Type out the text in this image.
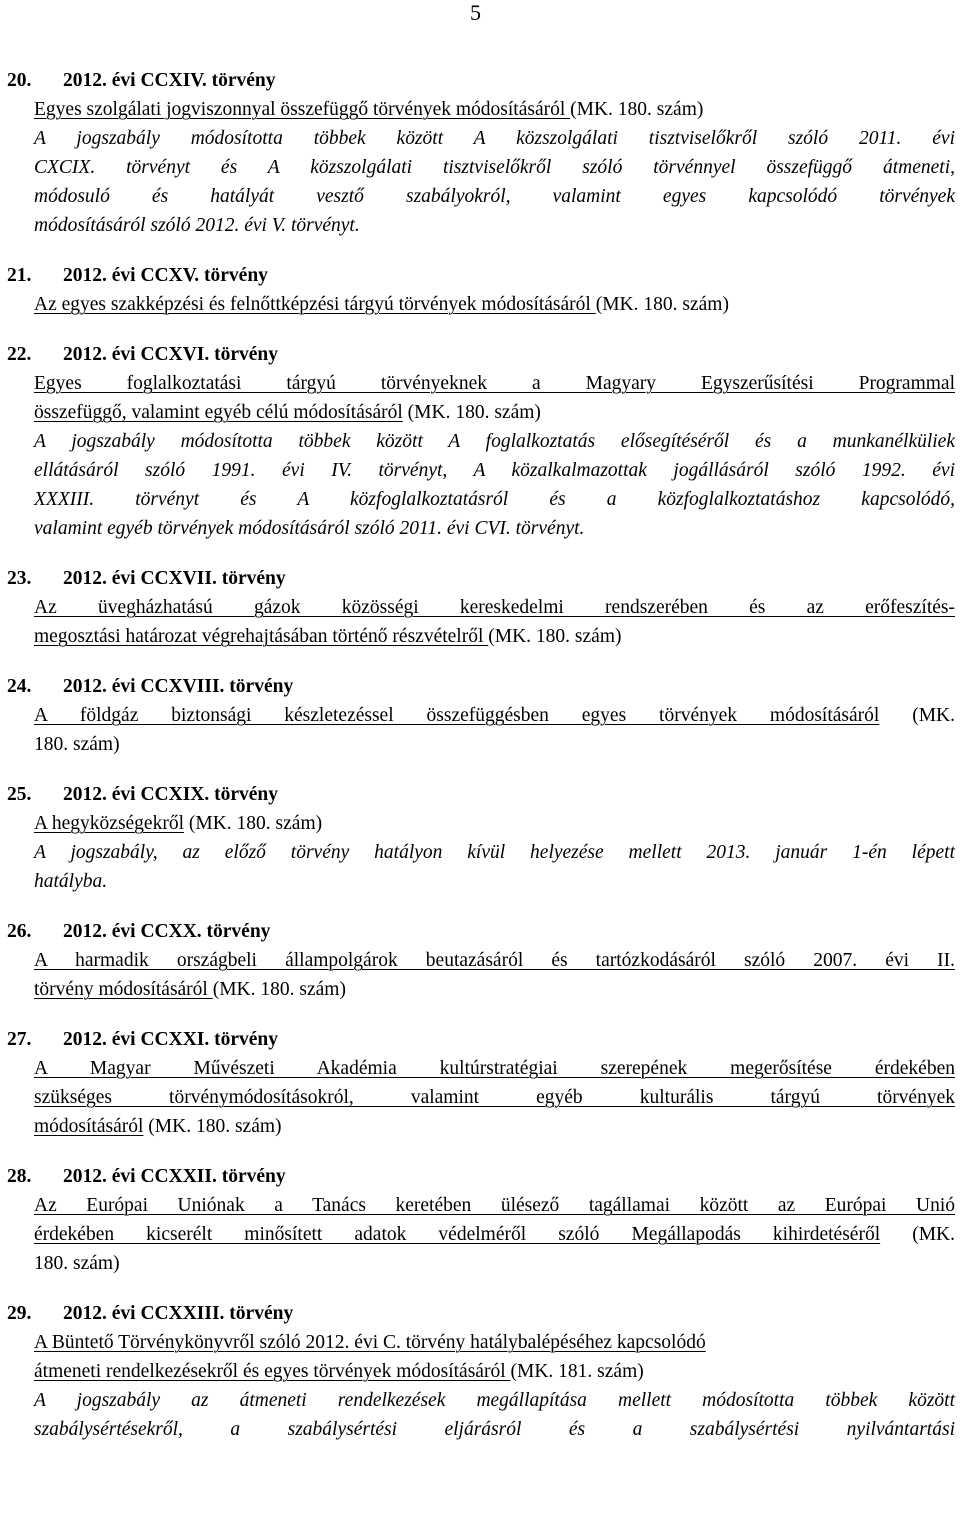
5
20. 2012. évi CCXIV. törvény
Egyes szolgálati jogviszonnyal összefüggő törvények módosításáról (MK. 180. szám)
A jogszabály módosította többek között A közszolgálati tisztviselőkről szóló 2011. évi
CXCIX. törvényt és A közszolgálati tisztviselőkről szóló törvénnyel összefüggő átmeneti,
módosuló és hatályát vesztő szabályokról, valamint egyes kapcsolódó törvények
módosításáról szóló 2012. évi V. törvényt.
21. 2012. évi CCXV. törvény
Az egyes szakképzési és felnőttképzési tárgyú törvények módosításáról (MK. 180. szám)
22. 2012. évi CCXVI. törvény
Egyes foglalkoztatási tárgyú törvényeknek a Magyary Egyszerűsítési Programmal
összefüggő, valamint egyéb célú módosításáról (MK. 180. szám)
A jogszabály módosította többek között A foglalkoztatás elősegítéséről és a munkanélküliek
ellátásáról szóló 1991. évi IV. törvényt, A közalkalmazottak jogállásáról szóló 1992. évi
XXXIII. törvényt és A közfoglalkoztatásról és a közfoglalkoztatáshoz kapcsolódó,
valamint egyéb törvények módosításáról szóló 2011. évi CVI. törvényt.
23. 2012. évi CCXVII. törvény
Az üvegházhatású gázok közösségi kereskedelmi rendszerében és az erőfeszítés-
megosztási határozat végrehajtásában történő részvételről (MK. 180. szám)
24. 2012. évi CCXVIII. törvény
A földgáz biztonsági készletezéssel összefüggésben egyes törvények módosításáról (MK.
180. szám)
25. 2012. évi CCXIX. törvény
A hegyközségekről (MK. 180. szám)
A jogszabály, az előző törvény hatályon kívül helyezése mellett 2013. január 1-én lépett
hatályba.
26. 2012. évi CCXX. törvény
A harmadik országbeli állampolgárok beutazásáról és tartózkodásáról szóló 2007. évi II.
törvény módosításáról (MK. 180. szám)
27. 2012. évi CCXXI. törvény
A Magyar Művészeti Akadémia kultúrstratégiai szerepének megerősítése érdekében
szükséges törvénymódosításokról, valamint egyéb kulturális tárgyú törvények
módosításáról (MK. 180. szám)
28. 2012. évi CCXXII. törvény
Az Európai Uniónak a Tanács keretében ülésező tagállamai között az Európai Unió
érdekében kicserélt minősített adatok védelméről szóló Megállapodás kihirdetéséről (MK.
180. szám)
29. 2012. évi CCXXIII. törvény
A Büntető Törvénykönyvről szóló 2012. évi C. törvény hatálybalépéséhez kapcsolódó
átmeneti rendelkezésekről és egyes törvények módosításáról (MK. 181. szám)
A jogszabály az átmeneti rendelkezések megállapítása mellett módosította többek között
szabálysértésekről, a szabálysértési eljárásról és a szabálysértési nyilvántartási
